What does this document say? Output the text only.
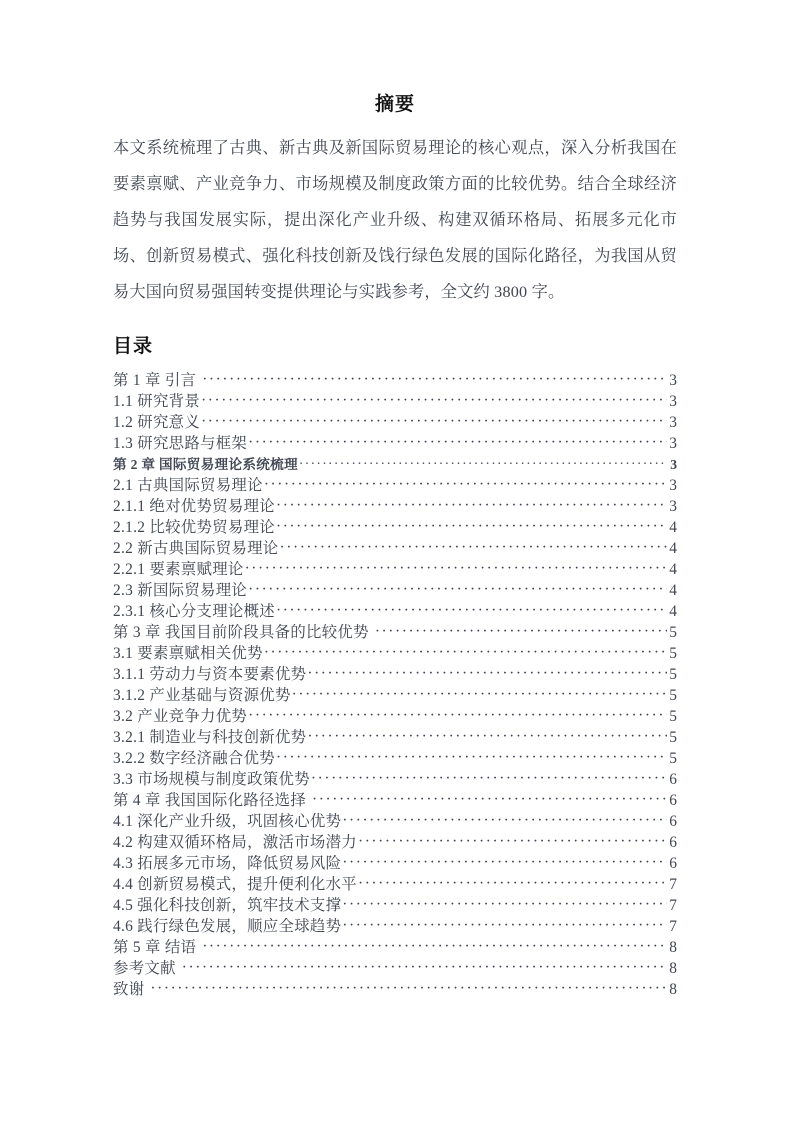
摘要

本文系统梳理了古典、新古典及新国际贸易理论的核心观点，深入分析我国在要素禀赋、产业竞争力、市场规模及制度政策方面的比较优势。结合全球经济趋势与我国发展实际，提出深化产业升级、构建双循环格局、拓展多元化市场、创新贸易模式、强化科技创新及饯行绿色发展的国际化路径，为我国从贸易大国向贸易强国转变提供理论与实践参考，全文约 3800 字。

目录
第 1 章 引言 ·····	3
1.1 研究背景 ·····	3
1.2 研究意义 ·····	3
1.3 研究思路与框架 ·····	3
第 2 章 国际贸易理论系统梳理 ·····	3
2.1 古典国际贸易理论 ·····	3
2.1.1 绝对优势贸易理论 ·····	3
2.1.2 比较优势贸易理论 ·····	4
2.2 新古典国际贸易理论 ·····	4
2.2.1 要素禀赋理论 ·····	4
2.3 新国际贸易理论 ·····	4
2.3.1 核心分支理论概述 ·····	4
第 3 章 我国目前阶段具备的比较优势 ·····	5
3.1 要素禀赋相关优势 ·····	5
3.1.1 劳动力与资本要素优势 ·····	5
3.1.2 产业基础与资源优势 ·····	5
3.2 产业竞争力优势 ·····	5
3.2.1 制造业与科技创新优势 ·····	5
3.2.2 数字经济融合优势 ·····	5
3.3 市场规模与制度政策优势 ·····	6
第 4 章 我国国际化路径选择 ·····	6
4.1 深化产业升级，巩固核心优势 ·····	6
4.2 构建双循环格局，激活市场潜力 ·····	6
4.3 拓展多元市场，降低贸易风险 ·····	6
4.4 创新贸易模式，提升便利化水平 ·····	7
4.5 强化科技创新，筑牢技术支撑 ·····	7
4.6 践行绿色发展，顺应全球趋势 ·····	7
第 5 章 结语 ·····	8
参考文献 ·····	8
致谢 ·····	8
